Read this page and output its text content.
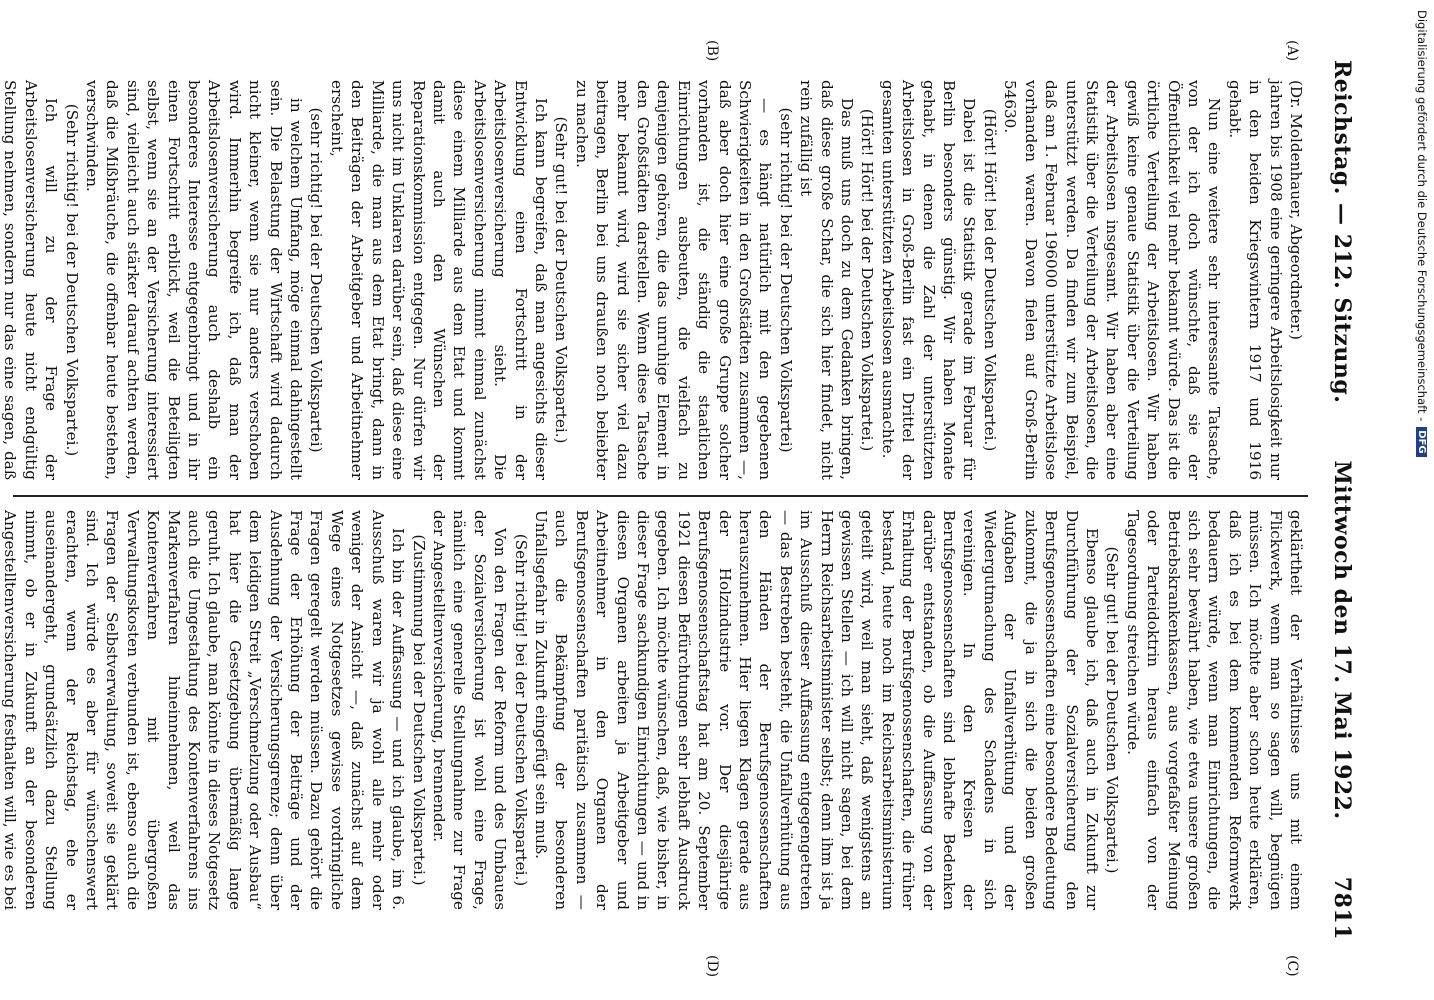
Reichstag. — 212. Sitzung.
Mittwoch den 17. Mai 1922.
7811
(A)
(B)
(C)
(D)

(Dr. Moldenhauer, Abgeordneter.)

jahren bis 1908 eine geringere Arbeitslosigkeit nur in den beiden Kriegswintern 1917 und 1916 gehabt.

Nun eine weitere sehr interessante Tatsache, von der ich doch wünschte, daß sie der Öffentlichkeit viel mehr bekannt würde. Das ist die örtliche Verteilung der Arbeitslosen. Wir haben gewiß keine genaue Statistik über die Verteilung der Arbeitslosen insgesamt. Wir haben aber eine Statistik über die Verteilung der Arbeitslosen, die unterstützt werden. Da finden wir zum Beispiel, daß am 1. Februar 196000 unterstützte Arbeitslose vorhanden waren. Davon fielen auf Groß-Berlin 54630.

(Hört! Hört! bei der Deutschen Volkspartei.)

Dabei ist die Statistik gerade im Februar für Berlin besonders günstig. Wir haben Monate gehabt, in denen die Zahl der unterstützten Arbeitslosen in Groß-Berlin fast ein Drittel der gesamten unterstützten Arbeitslosen ausmachte.

(Hört! Hört! bei der Deutschen Volkspartei.)

Das muß uns doch zu dem Gedanken bringen, daß diese große Schar, die sich hier findet, nicht rein zufällig ist

(sehr richtig! bei der Deutschen Volkspartei)

— es hängt natürlich mit den gegebenen Schwierigkeiten in den Großstädten zusammen —, daß aber doch hier eine große Gruppe solcher vorhanden ist, die ständig die staatlichen Einrichtungen ausbeuten, die vielfach zu denjenigen gehören, die das unruhige Element in den Großstädten darstellen. Wenn diese Tatsache mehr bekannt wird, wird sie sicher viel dazu beitragen, Berlin bei uns draußen noch beliebter zu machen.

(Sehr gut! bei der Deutschen Volkspartei.)

Ich kann begreifen, daß man angesichts dieser Entwicklung einen Fortschritt in der Arbeitslosenversicherung sieht. Die Arbeitslosenversicherung nimmt einmal zunächst diese einem Milliarde aus dem Etat und kommt damit auch den Wünschen der Reparationskommission entgegen. Nur dürfen wir uns nicht im Unklaren darüber sein, daß diese eine Milliarde, die man aus dem Etat bringt, dann in den Beiträgen der Arbeitgeber und Arbeitnehmer erscheint,

(sehr richtig! bei der Deutschen Volkspartei)

in welchem Umfang, möge einmal dahingestellt sein. Die Belastung der Wirtschaft wird dadurch nicht kleiner, wenn sie nur anders verschoben wird. Immerhin begreife ich, daß man der Arbeitslosenversicherung auch deshalb ein besonderes Interesse entgegenbringt und in ihr einen Fortschritt erblickt, weil die Beteiligten selbst, wenn sie an der Versicherung interessiert sind, vielleicht auch stärker darauf achten werden, daß die Mißbräuche, die offenbar heute bestehen, verschwinden.

(Sehr richtig! bei der Deutschen Volkspartei.)

Ich will zu der Frage der Arbeitslosenversicherung heute nicht endgültig Stellung nehmen, sondern nur das eine sagen, daß

geklärtheit der Verhältnisse uns mit einem Flickwerk, wenn man so sagen will, begnügen müssen. Ich möchte aber schon heute erklären, daß ich es bei dem kommenden Reformwerk bedauern würde, wenn man Einrichtungen, die sich sehr bewährt haben, wie etwa unsere großen Betriebskrankenkassen, aus vorgefaßter Meinung oder Parteidoktrin heraus einfach von der Tagesordnung streichen würde.

(Sehr gut! bei der Deutschen Volkspartei.)

Ebenso glaube ich, daß auch in Zukunft zur Durchführung der Sozialversicherung den Berufsgenossenschaften eine besondere Bedeutung zukommt, die ja in sich die beiden großen Aufgaben der Unfallverhütung und der Wiedergutmachung des Schadens in sich vereinigen. In den Kreisen der Berufsgenossenschaften sind lebhafte Bedenken darüber entstanden, ob die Auffassung von der Erhaltung der Berufsgenossenschaften, die früher bestand, heute noch im Reichsarbeitsministerium geteilt wird, weil man sieht, daß wenigstens an gewissen Stellen — ich will nicht sagen, bei dem Herrn Reichsarbeitsminister selbst; denn ihm ist ja im Ausschuß dieser Auffassung entgegengetreten — das Bestreben besteht, die Unfallverhütung aus den Händen der Berufsgenossenschaften herauszunehmen. Hier liegen Klagen gerade aus der Holzindustrie vor. Der diesjährige Berufsgenossenschaftstag hat am 20. September 1921 diesen Befürchtungen sehr lebhaft Ausdruck gegeben. Ich möchte wünschen, daß, wie bisher, in dieser Frage sachkundigen Einrichtungen — und in diesen Organen arbeiten ja Arbeitgeber und Arbeitnehmer in den Organen der Berufsgenossenschaften paritätisch zusammen — auch die Bekämpfung der besonderen Unfallsgefahr in Zukunft eingefügt sein muß.

(Sehr richtig! bei der Deutschen Volkspartei.)

Von den Fragen der Reform und des Umbaues der Sozialversicherung ist wohl eine Frage, nämlich eine generelle Stellungnahme zur Frage der Angestelltenversicherung, brennender.

(Zustimmung bei der Deutschen Volkspartei.)

Ich bin der Auffassung — und ich glaube, im 6. Ausschuß waren wir ja wohl alle mehr oder weniger der Ansicht —, daß zunächst auf dem Wege eines Notgesetzes gewisse vordringliche Fragen geregelt werden müssen. Dazu gehört die Frage der Erhöhung der Beiträge und der Ausdehnung der Versicherungsgrenze; denn über dem leidigen Streit „Verschmelzung oder Ausbau“ hat hier die Gesetzgebung übermäßig lange geruht. Ich glaube, man könnte in dieses Notgesetz auch die Umgestaltung des Kontenverfahrens ins Markenverfahren hineinnehmen, weil das Kontenverfahren mit übergroßen Verwaltungskosten verbunden ist, ebenso auch die Fragen der Selbstverwaltung, soweit sie geklärt sind. Ich würde es aber für wünschenswert erachten, wenn der Reichstag, ehe er auseinandergeht, grundsätzlich dazu Stellung nimmt, ob er in Zukunft an der besonderen Angestelltenversicherung festhalten will, wie es bei

Digitalisierung gefördert durch die Deutsche Forschungsgemeinschaft -
DFG
